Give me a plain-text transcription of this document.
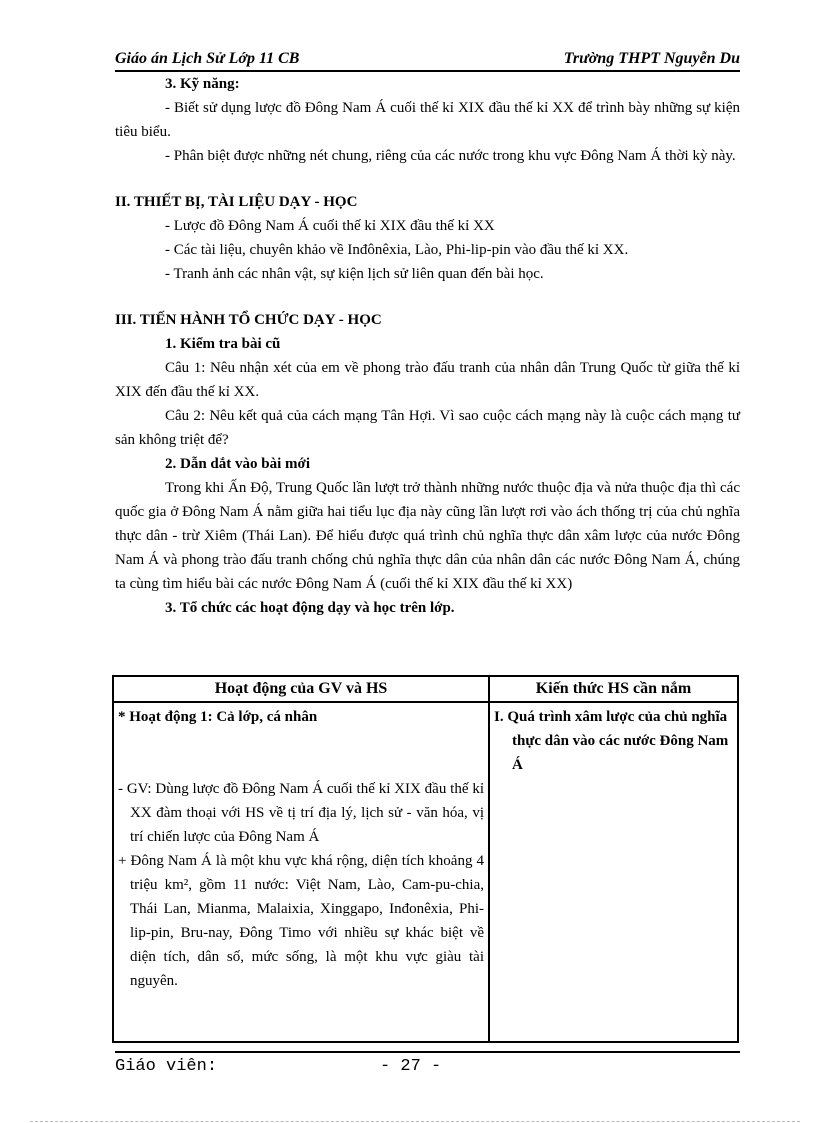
Giáo án Lịch Sử Lớp 11 CB	Trường THPT Nguyễn Du

3. Kỹ năng:

- Biết sử dụng lược đồ Đông Nam Á cuối thế kỉ XIX đầu thế kỉ XX để trình bày những sự kiện tiêu biểu.

- Phân biệt được những nét chung, riêng của các nước trong khu vực Đông Nam Á thời kỳ này.

II. THIẾT BỊ, TÀI LIỆU DẠY - HỌC

- Lược đồ Đông Nam Á cuối thế kỉ XIX đầu thế kỉ XX

- Các tài liệu, chuyên khảo về Inđônêxia, Lào, Phi-lip-pin vào đầu thế kỉ XX.

- Tranh ảnh các nhân vật, sự kiện lịch sử liên quan đến bài học.

III. TIẾN HÀNH TỔ CHỨC DẠY - HỌC

1. Kiểm tra bài cũ

Câu 1: Nêu nhận xét của em về phong trào đấu tranh của nhân dân Trung Quốc từ giữa thế kỉ XIX đến đầu thế kỉ XX.

Câu 2: Nêu kết quả của cách mạng Tân Hợi. Vì sao cuộc cách mạng này là cuộc cách mạng tư sản không triệt để?

2. Dẫn dắt vào bài mới

Trong khi Ấn Độ, Trung Quốc lần lượt trở thành những nước thuộc địa và nửa thuộc địa thì các quốc gia ở Đông Nam Á nằm giữa hai tiểu lục địa này cũng lần lượt rơi vào ách thống trị của chủ nghĩa thực dân - trừ Xiêm (Thái Lan). Để hiểu được quá trình chủ nghĩa thực dân xâm lược của nước Đông Nam Á và phong trào đấu tranh chống chủ nghĩa thực dân của nhân dân các nước Đông Nam Á, chúng ta cùng tìm hiểu bài các nước Đông Nam Á (cuối thế kỉ XIX đầu thế kỉ XX)

3. Tổ chức các hoạt động dạy và học trên lớp.

Hoạt động của GV và HS	Kiến thức HS cần nắm

* Hoạt động 1: Cả lớp, cá nhân

- GV: Dùng lược đồ Đông Nam Á cuối thế kỉ XIX đầu thế kỉ XX đàm thoại với HS về tị trí địa lý, lịch sử - văn hóa, vị trí chiến lược của Đông Nam Á

+ Đông Nam Á là một khu vực khá rộng, diện tích khoảng 4 triệu km², gồm 11 nước: Việt Nam, Lào, Cam-pu-chia, Thái Lan, Mianma, Malaixia, Xinggapo, Inđonêxia, Phi-lip-pin, Bru-nay, Đông Timo với nhiều sự khác biệt về diện tích, dân số, mức sống, là một khu vực giàu tài nguyên.	I. Quá trình xâm lược của chủ nghĩa thực dân vào các nước Đông Nam Á

Giáo viên:	- 27 -
